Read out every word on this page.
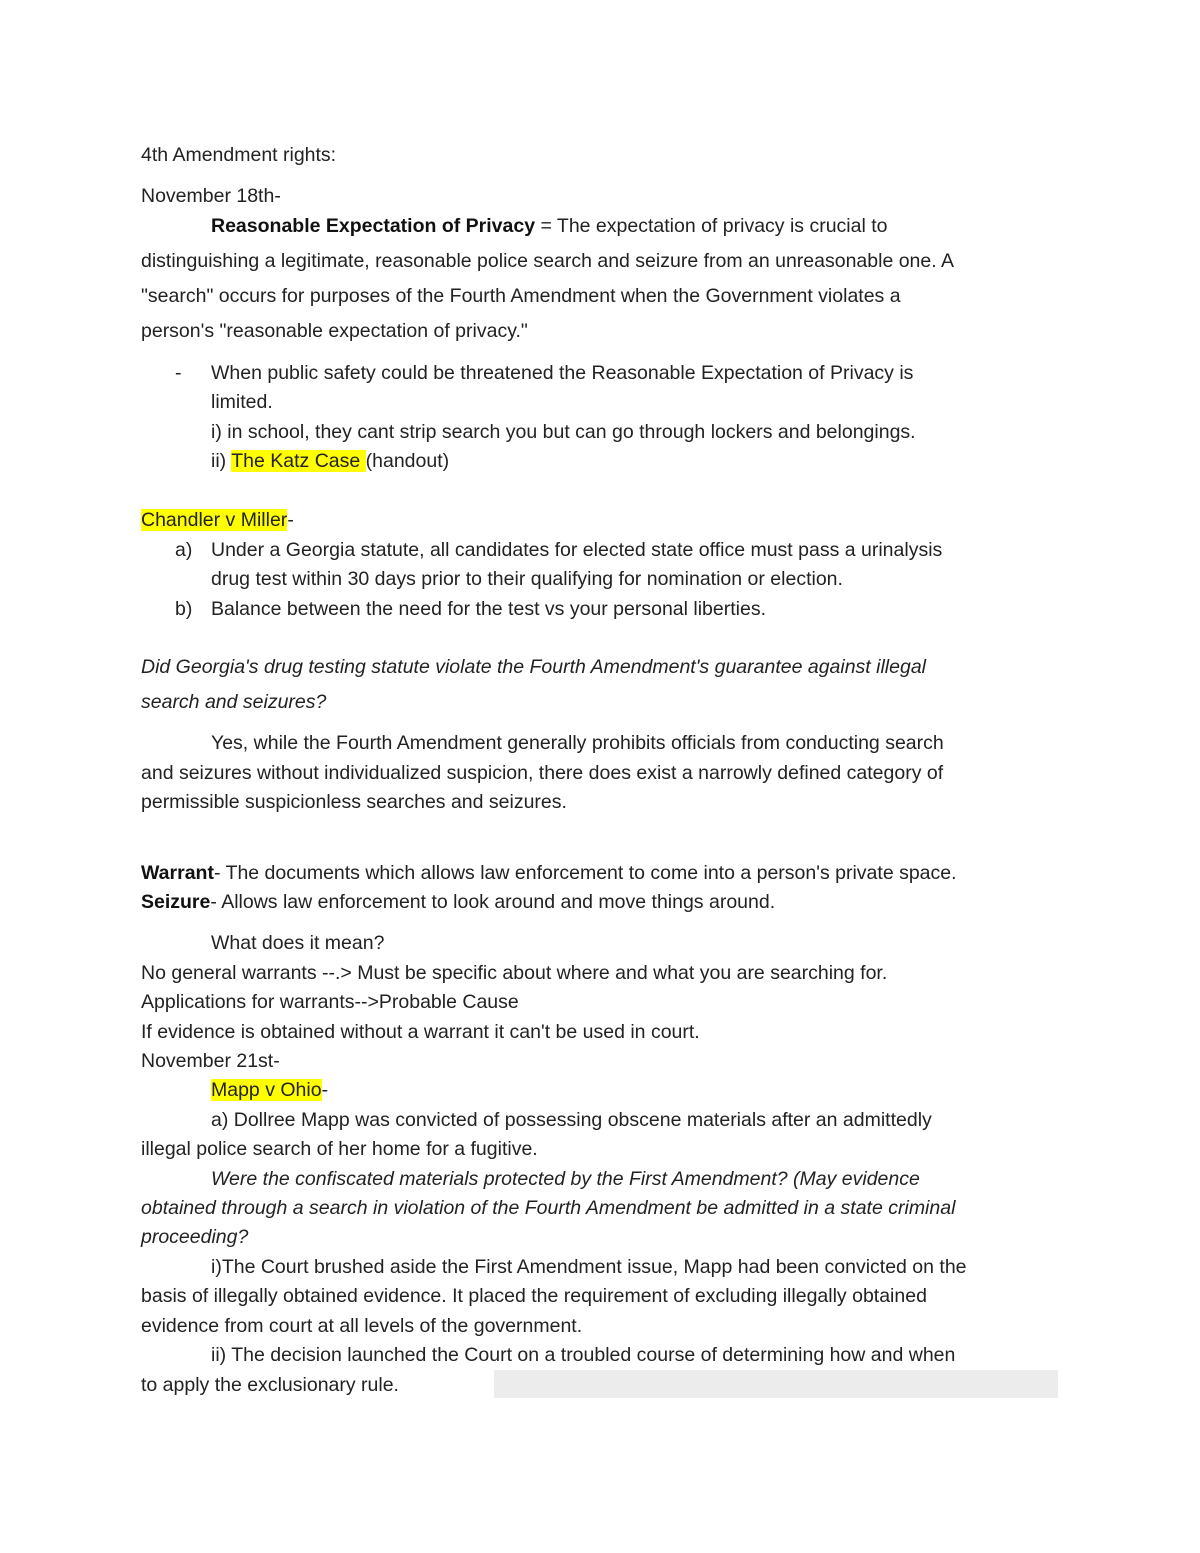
4th Amendment rights:
November 18th-
Reasonable Expectation of Privacy = The expectation of privacy is crucial to
distinguishing a legitimate, reasonable police search and seizure from an unreasonable one. A
"search" occurs for purposes of the Fourth Amendment when the Government violates a
person's "reasonable expectation of privacy."
- When public safety could be threatened the Reasonable Expectation of Privacy is
limited.
i) in school, they cant strip search you but can go through lockers and belongings.
ii) The Katz Case (handout)
Chandler v Miller-
a) Under a Georgia statute, all candidates for elected state office must pass a urinalysis
drug test within 30 days prior to their qualifying for nomination or election.
b) Balance between the need for the test vs your personal liberties.
Did Georgia's drug testing statute violate the Fourth Amendment's guarantee against illegal
search and seizures?
Yes, while the Fourth Amendment generally prohibits officials from conducting search
and seizures without individualized suspicion, there does exist a narrowly defined category of
permissible suspicionless searches and seizures.
Warrant- The documents which allows law enforcement to come into a person's private space.
Seizure- Allows law enforcement to look around and move things around.
What does it mean?
No general warrants --.> Must be specific about where and what you are searching for.
Applications for warrants-->Probable Cause
If evidence is obtained without a warrant it can't be used in court.
November 21st-
Mapp v Ohio-
a) Dollree Mapp was convicted of possessing obscene materials after an admittedly
illegal police search of her home for a fugitive.
Were the confiscated materials protected by the First Amendment? (May evidence
obtained through a search in violation of the Fourth Amendment be admitted in a state criminal
proceeding?
i)The Court brushed aside the First Amendment issue, Mapp had been convicted on the
basis of illegally obtained evidence. It placed the requirement of excluding illegally obtained
evidence from court at all levels of the government.
ii) The decision launched the Court on a troubled course of determining how and when
to apply the exclusionary rule.
